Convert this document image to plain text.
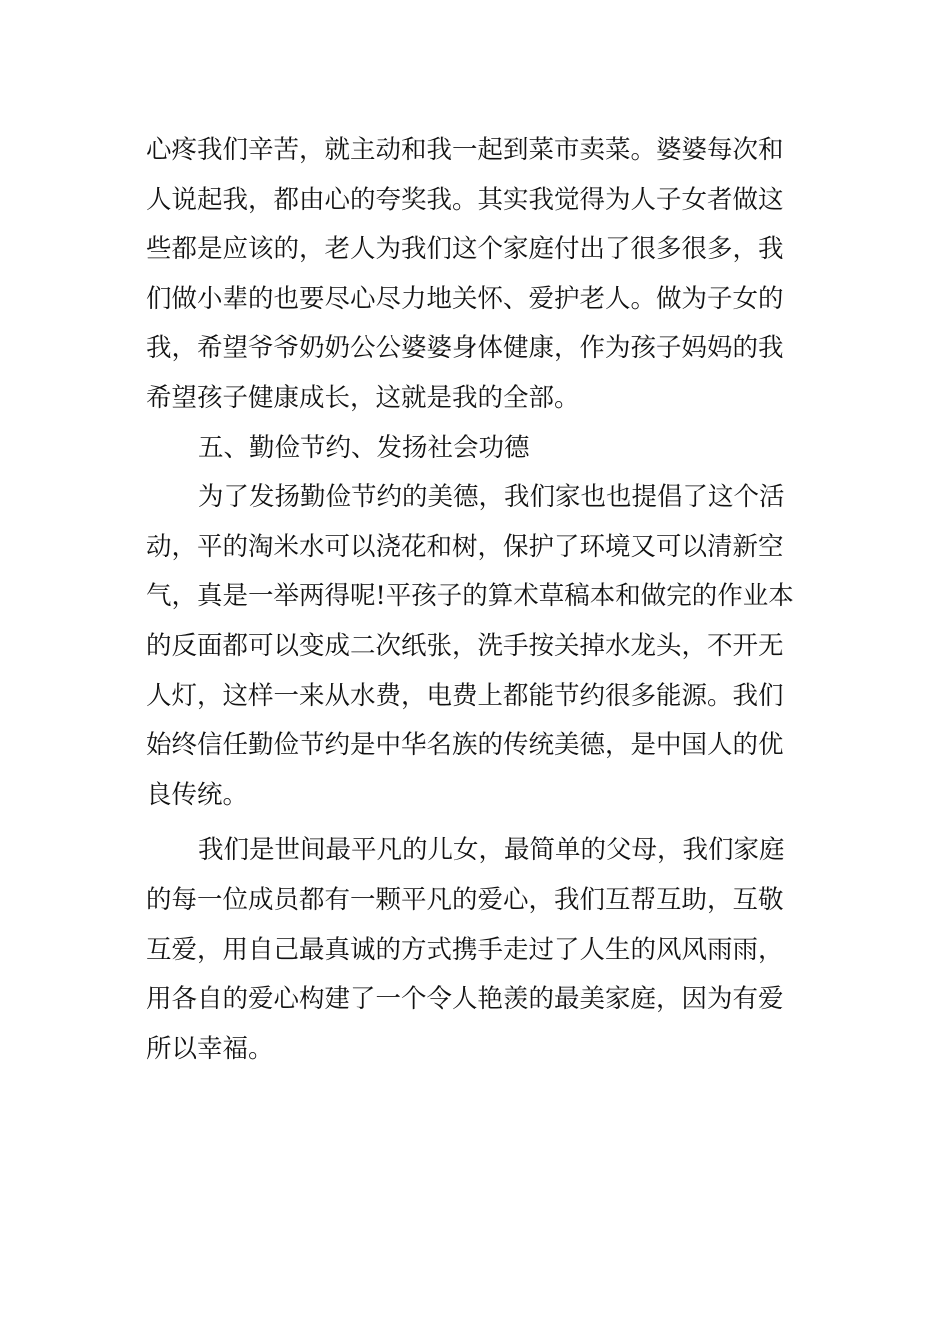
心疼我们辛苦，就主动和我一起到菜市卖菜。婆婆每次和
人说起我，都由心的夸奖我。其实我觉得为人子女者做这
些都是应该的，老人为我们这个家庭付出了很多很多，我
们做小辈的也要尽心尽力地关怀、爱护老人。做为子女的
我，希望爷爷奶奶公公婆婆身体健康，作为孩子妈妈的我
希望孩子健康成长，这就是我的全部。
五、勤俭节约、发扬社会功德
为了发扬勤俭节约的美德，我们家也也提倡了这个活
动，平的淘米水可以浇花和树，保护了环境又可以清新空
气，真是一举两得呢!平孩子的算术草稿本和做完的作业本
的反面都可以变成二次纸张，洗手按关掉水龙头，不开无
人灯，这样一来从水费，电费上都能节约很多能源。我们
始终信任勤俭节约是中华名族的传统美德，是中国人的优
良传统。
我们是世间最平凡的儿女，最简单的父母，我们家庭
的每一位成员都有一颗平凡的爱心，我们互帮互助，互敬
互爱，用自己最真诚的方式携手走过了人生的风风雨雨，
用各自的爱心构建了一个令人艳羡的最美家庭，因为有爱
所以幸福。
